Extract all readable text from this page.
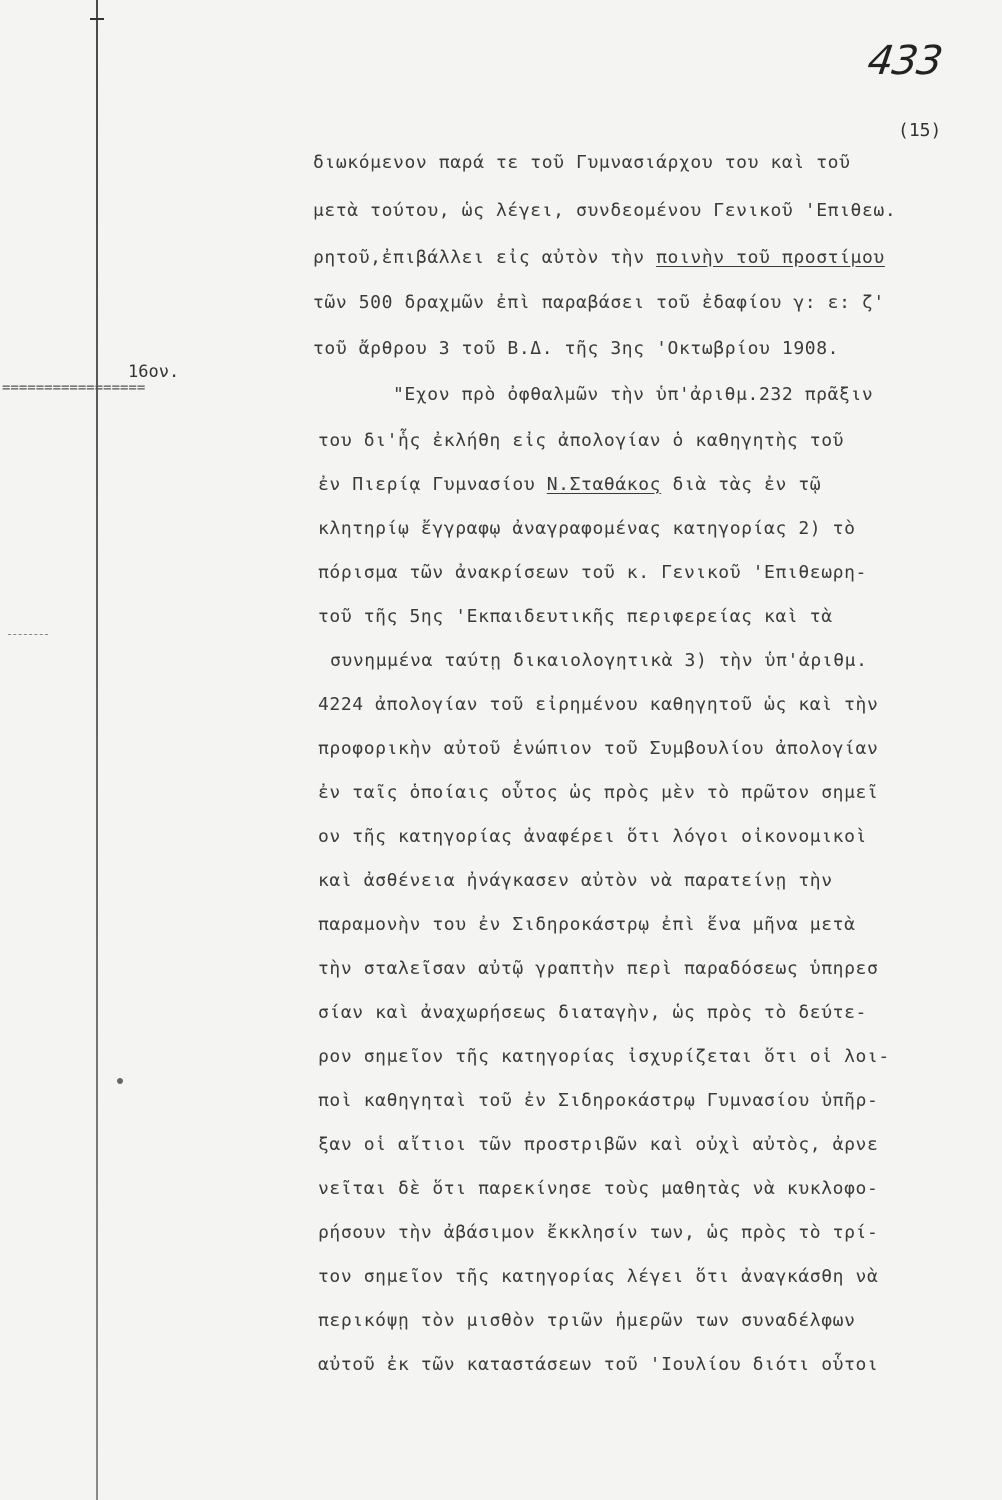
433
(15)
16ον.
=================
διωκόμενον παρά τε τοῦ Γυμνασιάρχου του καὶ τοῦ
μετὰ τούτου, ὡς λέγει, συνδεομένου Γενικοῦ 'Επιθεω.
ρητοῦ,ἐπιβάλλει εἰς αὐτὸν τὴν ποινὴν τοῦ προστίμου
τῶν 500 δραχμῶν ἐπὶ παραβάσει τοῦ ἐδαφίου γ: ε: ζ'
τοῦ ἄρθρου 3 τοῦ Β.Δ. τῆς 3ης 'Οκτωβρίου 1908.
"Εχον πρὸ ὀφθαλμῶν τὴν ὑπ'ἀριθμ.232 πρᾶξιν
του δι'ἧς ἐκλήθη εἰς ἀπολογίαν ὁ καθηγητὴς τοῦ
ἐν Πιερίᾳ Γυμνασίου Ν.Σταθάκος διὰ τὰς ἐν τῷ
κλητηρίῳ ἔγγραφῳ ἀναγραφομένας κατηγορίας 2) τὸ
πόρισμα τῶν ἀνακρίσεων τοῦ κ. Γενικοῦ 'Επιθεωρη-
τοῦ τῆς 5ης 'Εκπαιδευτικῆς περιφερείας καὶ τὰ
συνημμένα ταύτῃ δικαιολογητικὰ 3) τὴν ὑπ'ἀριθμ.
4224 ἀπολογίαν τοῦ εἰρημένου καθηγητοῦ ὡς καὶ τὴν
προφορικὴν αὐτοῦ ἐνώπιον τοῦ Συμβουλίου ἀπολογίαν
ἐν ταῖς ὁποίαις οὗτος ὡς πρὸς μὲν τὸ πρῶτον σημεῖ
ον τῆς κατηγορίας ἀναφέρει ὅτι λόγοι οἰκονομικοὶ
καὶ ἀσθένεια ἠνάγκασεν αὐτὸν νὰ παρατείνῃ τὴν
παραμονὴν του ἐν Σιδηροκάστρῳ ἐπὶ ἕνα μῆνα μετὰ
τὴν σταλεῖσαν αὐτῷ γραπτὴν περὶ παραδόσεως ὑπηρεσ
σίαν καὶ ἀναχωρήσεως διαταγὴν, ὡς πρὸς τὸ δεύτε-
ρον σημεῖον τῆς κατηγορίας ἰσχυρίζεται ὅτι οἱ λοι-
ποὶ καθηγηταὶ τοῦ ἐν Σιδηροκάστρῳ Γυμνασίου ὑπῆρ-
ξαν οἱ αἴτιοι τῶν προστριβῶν καὶ οὐχὶ αὐτὸς, ἀρνε
νεῖται δὲ ὅτι παρεκίνησε τοὺς μαθητὰς νὰ κυκλοφο-
ρήσουν τὴν ἀβάσιμον ἔκκλησίν των, ὡς πρὸς τὸ τρί-
τον σημεῖον τῆς κατηγορίας λέγει ὅτι ἀναγκάσθη νὰ
περικόψῃ τὸν μισθὸν τριῶν ἡμερῶν των συναδέλφων
αὐτοῦ ἐκ τῶν καταστάσεων τοῦ 'Ιουλίου διότι οὗτοι
